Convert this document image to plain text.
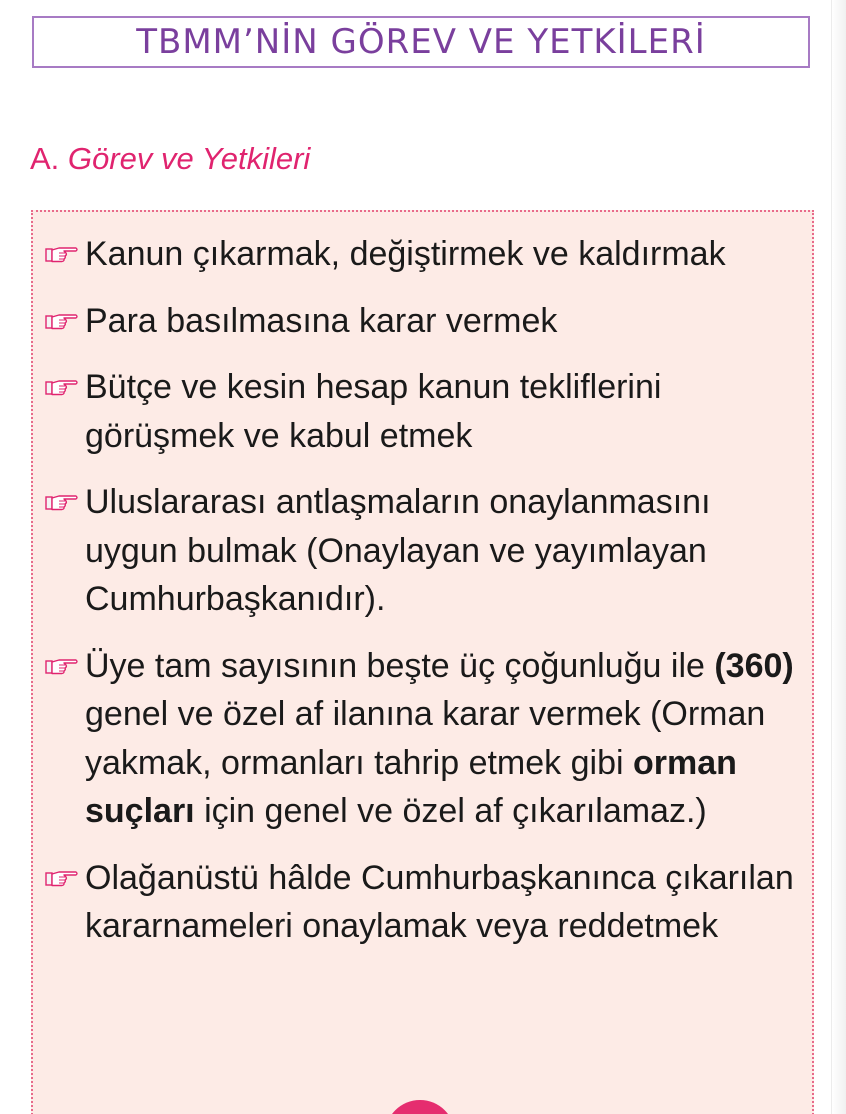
TBMM’NİN GÖREV VE YETKİLERİ
A. Görev ve Yetkileri
Kanun çıkarmak, değiştirmek ve kaldırmak
Para basılmasına karar vermek
Bütçe ve kesin hesap kanun tekliflerini görüşmek ve kabul etmek
Uluslararası antlaşmaların onaylanmasını uygun bulmak (Onaylayan ve yayımlayan Cumhurbaşkanıdır).
Üye tam sayısının beşte üç çoğunluğu ile (360) genel ve özel af ilanına karar vermek (Orman yakmak, ormanları tahrip etmek gibi orman suçları için genel ve özel af çıkarılamaz.)
Olağanüstü hâlde Cumhurbaşkanınca çıkarılan kararnameleri onaylamak veya reddetmek
